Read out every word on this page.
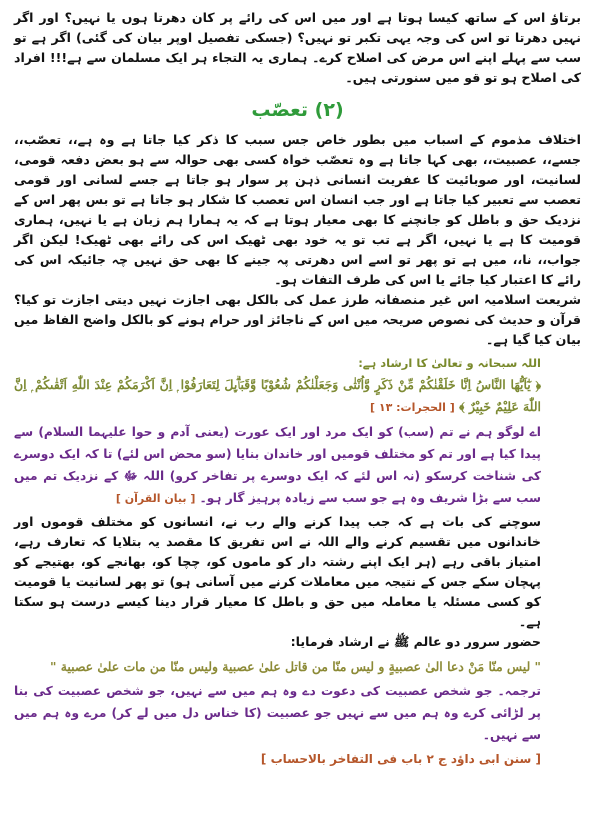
برتاؤ اس کے ساتھ کیسا ہوتا ہے اور میں اس کی رائے پر کان دھرتا ہوں یا نہیں؟ اور اگر نہیں دھرتا تو اس کی وجہ یہی تکبر تو نہیں؟ (جسکی تفصیل اوپر بیان کی گئی) اگر ہے تو سب سے پہلے اپنے اس مرض کی اصلاح کرے۔ ہماری یہ التجاء ہر ایک مسلمان سے ہے!!! افراد کی اصلاح ہو تو قو میں سنورتی ہیں۔

(۲) تعصّب

اختلاف مذموم کے اسباب میں بطور خاص جس سبب کا ذکر کیا جاتا ہے وہ ہے،، تعصّب،، جسے،، عصبیت،، بھی کہا جاتا ہے وہ تعصّب خواہ کسی بھی حوالہ سے ہو بعض دفعہ قومی، لسانیت، اور صوبائیت کا عفریت انسانی ذہن پر سوار ہو جاتا ہے جسے لسانی اور قومی تعصب سے تعبیر کیا جاتا ہے اور جب انسان اس تعصب کا شکار ہو جاتا ہے تو بس پھر اس کے نزدیک حق و باطل کو جانچنے کا بھی معیار ہوتا ہے کہ یہ ہمارا ہم زبان ہے یا نہیں، ہماری قومیت کا ہے یا نہیں، اگر ہے تب تو یہ خود بھی ٹھیک اس کی رائے بھی ٹھیک! لیکن اگر جواب،، نا،، میں ہے تو پھر تو اسے اس دھرتی پہ جینے کا بھی حق نہیں چہ جائیکہ اس کی رائے کا اعتبار کیا جائے یا اس کی طرف التفات ہو۔

شریعت اسلامیہ اس غیر منصفانہ طرز عمل کی بالکل بھی اجازت نہیں دیتی اجازت تو کیا؟ قرآن و حدیث کی نصوص صریحہ میں اس کے ناجائز اور حرام ہونے کو بالکل واضح الفاظ میں بیان کیا گیا ہے۔

اللہ سبحانہ و تعالیٰ کا ارشاد ہے:

﴿ يٰٓاَيُّهَا النَّاسُ اِنَّا خَلَقْنٰكُمْ مِّنْ ذَكَرٍ وَّاُنْثٰى وَجَعَلْنٰكُمْ شُعُوْبًا وَّقَبَاۗىِٕلَ لِتَعَارَفُوْا ۭ اِنَّ اَكْرَمَكُمْ عِنْدَ اللّٰهِ اَتْقٰىكُمْ ۭ اِنَّ اللّٰهَ عَلِيْمٌ خَبِيْرٌ ﴾ [ الحجرات: ۱۳ ]

اے لوگو ہم نے تم (سب) کو ایک مرد اور ایک عورت (یعنی آدم و حوا علیہما السلام) سے پیدا کیا ہے اور تم کو مختلف قومیں اور خاندان بنایا (سو محض اس لئے) تا کہ ایک دوسرے کی شناخت کرسکو (نہ اس لئے کہ ایک دوسرے پر تفاخر کرو) اللہ ﷻ کے نزدیک تم میں سب سے بڑا شریف وہ ہے جو سب سے زیادہ پرہیز گار ہو۔ [ بیان القرآن ]

سوچنے کی بات ہے کہ جب پیدا کرنے والے رب نے، انسانوں کو مختلف قوموں اور خاندانوں میں تقسیم کرنے والے اللہ نے اس تفریق کا مقصد یہ بتلایا کہ تعارف رہے، امتیاز باقی رہے (ہر ایک اپنے رشتہ دار کو ماموں کو، چچا کو، بھانجے کو، بھتیجے کو پہچان سکے جس کے نتیجہ میں معاملات کرنے میں آسانی ہو) تو پھر لسانیت یا قومیت کو کسی مسئلہ یا معاملہ میں حق و باطل کا معیار قرار دینا کیسے درست ہو سکتا ہے۔

حضور سرور دو عالم ﷺ نے ارشاد فرمایا:

" ليس منّا مَنْ دعا الىٰ عصبيةٍ و ليس منّا من قاتل علىٰ عصبية وليس منّا من مات علىٰ عصبية "

ترجمہ۔ جو شخص عصبیت کی دعوت دے وہ ہم میں سے نہیں، جو شخص عصبیت کی بنا پر لڑائی کرے وہ ہم میں سے نہیں جو عصبیت (کا خناس دل میں لے کر) مرے وہ ہم میں سے نہیں۔

[ سنن ابی داؤد ج ۲ باب فی التفاخر بالاحساب ]
